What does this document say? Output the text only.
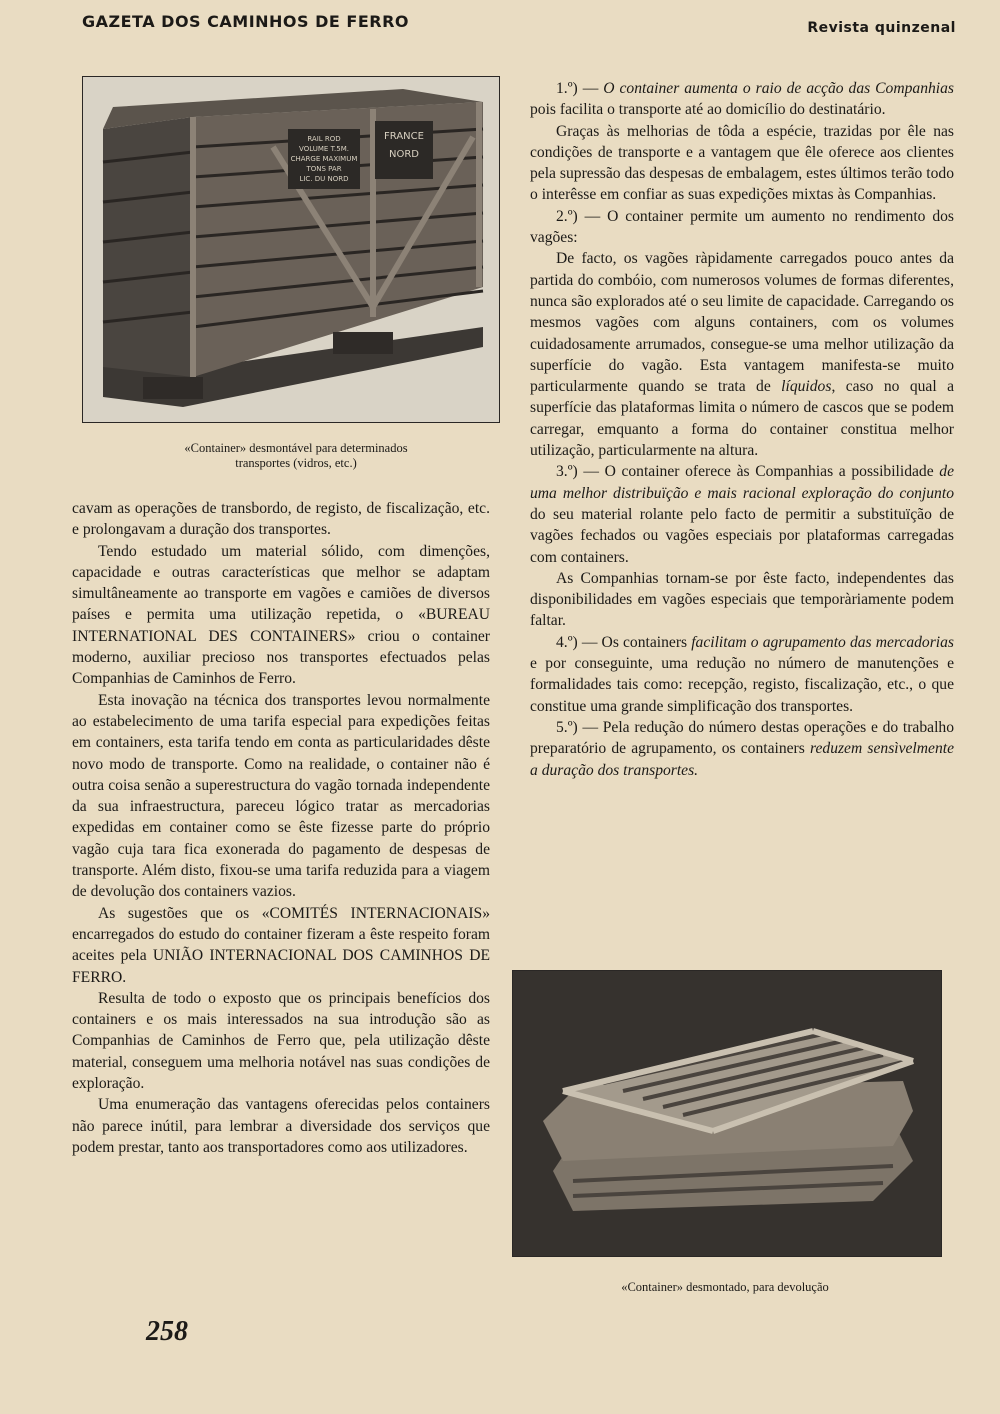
GAZETA DOS CAMINHOS DE FERRO	Revista quinzenal
RAIL ROD
VOLUME T.5M.
CHARGE MAXIMUM
TONS PAR
LIC. DU NORD
FRANCE
NORD
«Container» desmontável para determinados
transportes (vidros, etc.)

cavam as operações de transbordo, de registo, de fiscalização, etc. e prolongavam a duração dos transportes.

Tendo estudado um material sólido, com dimenções, capacidade e outras características que melhor se adaptam simultâneamente ao transporte em vagões e camiões de diversos países e permita uma utilização repetida, o «BUREAU INTERNATIONAL DES CONTAINERS» criou o container moderno, auxiliar precioso nos transportes efectuados pelas Companhias de Caminhos de Ferro.

Esta inovação na técnica dos transportes levou normalmente ao estabelecimento de uma tarifa especial para expedições feitas em containers, esta tarifa tendo em conta as particularidades dêste novo modo de transporte. Como na realidade, o container não é outra coisa senão a superestructura do vagão tornada independente da sua infraestructura, pareceu lógico tratar as mercadorias expedidas em container como se êste fizesse parte do próprio vagão cuja tara fica exonerada do pagamento de despesas de transporte. Além disto, fixou-se uma tarifa reduzida para a viagem de devolução dos containers vazios.

As sugestões que os «COMITÉS INTERNACIONAIS» encarregados do estudo do container fizeram a êste respeito foram aceites pela UNIÃO INTERNACIONAL DOS CAMINHOS DE FERRO.

Resulta de todo o exposto que os principais benefícios dos containers e os mais interessados na sua introdução são as Companhias de Caminhos de Ferro que, pela utilização dêste material, conseguem uma melhoria notável nas suas condições de exploração.

Uma enumeração das vantagens oferecidas pelos containers não parece inútil, para lembrar a diversidade dos serviços que podem prestar, tanto aos transportadores como aos utilizadores.

1.º) — O container aumenta o raio de acção das Companhias pois facilita o transporte até ao domicílio do destinatário.

Graças às melhorias de tôda a espécie, trazidas por êle nas condições de transporte e a vantagem que êle oferece aos clientes pela supressão das despesas de embalagem, estes últimos terão todo o interêsse em confiar as suas expedições mixtas às Companhias.

2.º) — O container permite um aumento no rendimento dos vagões:

De facto, os vagões ràpidamente carregados pouco antes da partida do combóio, com numerosos volumes de formas diferentes, nunca são explorados até o seu limite de capacidade. Carregando os mesmos vagões com alguns containers, com os volumes cuidadosamente arrumados, consegue-se uma melhor utilização da superfície do vagão. Esta vantagem manifesta-se muito particularmente quando se trata de líquidos, caso no qual a superfície das plataformas limita o número de cascos que se podem carregar, emquanto a forma do container constitua melhor utilização, particularmente na altura.

3.º) — O container oferece às Companhias a possibilidade de uma melhor distribuïção e mais racional exploração do conjunto do seu material rolante pelo facto de permitir a substituïção de vagões fechados ou vagões especiais por plataformas carregadas com containers.

As Companhias tornam-se por êste facto, independentes das disponibilidades em vagões especiais que temporàriamente podem faltar.

4.º) — Os containers facilitam o agrupamento das mercadorias e por conseguinte, uma redução no número de manutenções e formalidades tais como: recepção, registo, fiscalização, etc., o que constitue uma grande simplificação dos transportes.

5.º) — Pela redução do número destas operações e do trabalho preparatório de agrupamento, os containers reduzem sensìvelmente a duração dos transportes.

«Container» desmontado, para devolução
258
